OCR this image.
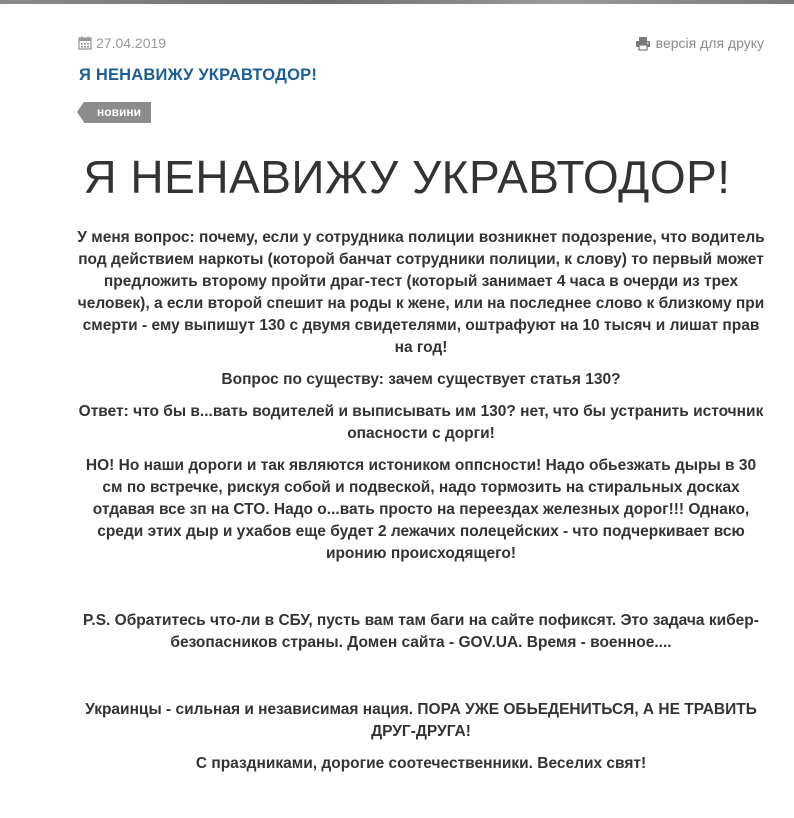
27.04.2019	версія для друку
Я НЕНАВИЖУ УКРАВТОДОР!
новини
Я НЕНАВИЖУ УКРАВТОДОР!

У меня вопрос: почему, если у сотрудника полиции возникнет подозрение, что водитель под действием наркоты (которой банчат сотрудники полиции, к слову) то первый может предложить второму пройти драг-тест (который занимает 4 часа в очерди из трех человек), а если второй спешит на роды к жене, или на последнее слово к близкому при смерти - ему выпишут 130 с двумя свидетелями, оштрафуют на 10 тысяч и лишат прав на год!

Вопрос по существу: зачем существует статья 130?

Ответ: что бы в...вать водителей и выписывать им 130? нет, что бы устранить источник опасности с дорги!

НО! Но наши дороги и так являются истоником оппсности! Надо обьезжать дыры в 30 см по встречке, рискуя собой и подвеской, надо тормозить на стиральных досках отдавая все зп на СТО. Надо о...вать просто на переездах железных дорог!!! Однако, среди этих дыр и ухабов еще будет 2 лежачих полецейских - что подчеркивает всю иронию происходящего!

P.S. Обратитесь что-ли в СБУ, пусть вам там баги на сайте пофиксят. Это задача кибер-безопасников страны. Домен сайта - GOV.UA. Время - военное....

Украинцы - сильная и независимая нация. ПОРА УЖЕ ОБЬЕДЕНИТЬСЯ, А НЕ ТРАВИТЬ ДРУГ-ДРУГА!

С праздниками, дорогие соотечественники. Веселих свят!
